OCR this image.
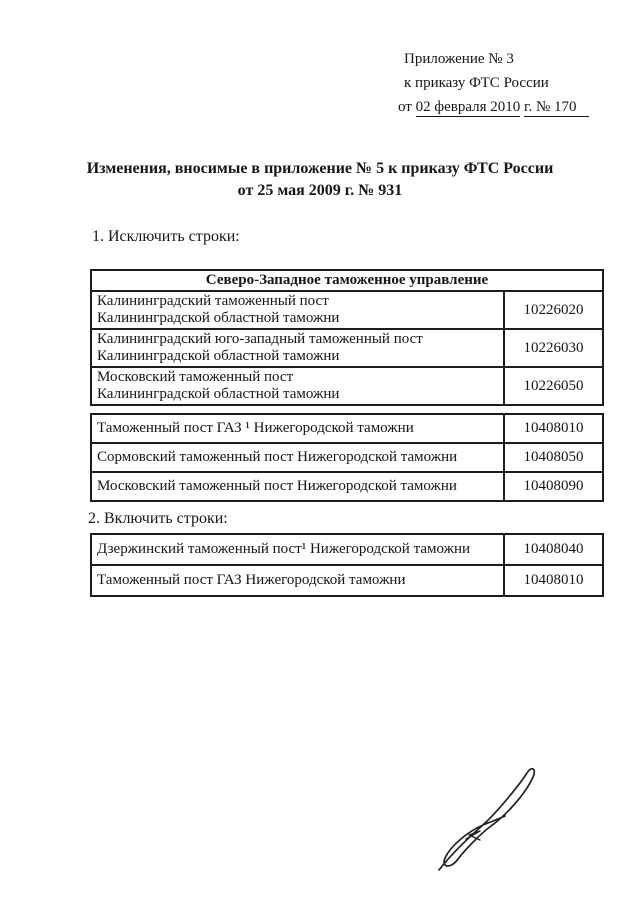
Приложение № 3
к приказу ФТС России
от 02 февраля 2010 г. № 170
Изменения, вносимые в приложение № 5 к приказу ФТС России
от 25 мая 2009 г. № 931
1. Исключить строки:
Северо-Западное таможенное управление	
Калининградский таможенный пост
Калининградской областной таможни	10226020
Калининградский юго-западный таможенный пост
Калининградской областной таможни	10226030
Московский таможенный пост
Калининградской областной таможни	10226050
Таможенный пост ГАЗ ¹ Нижегородской таможни	10408010
Сормовский таможенный пост Нижегородской таможни	10408050
Московский таможенный пост Нижегородской таможни	10408090
2. Включить строки:
Дзержинский таможенный пост¹ Нижегородской таможни	10408040
Таможенный пост ГАЗ Нижегородской таможни	10408010
